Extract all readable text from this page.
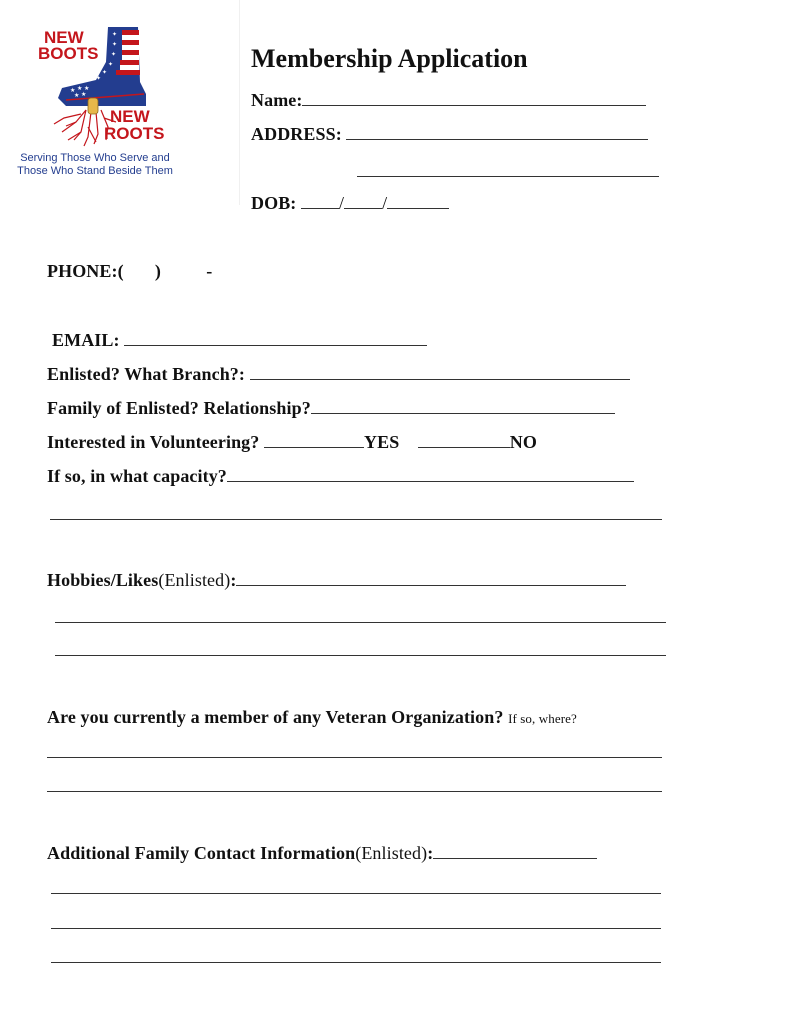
✦
✦
✦
✦
✦
✦
★ ★ ★
★ ★
NEW
BOOTS
NEW
ROOTS
Serving Those Who Serve and
Those Who Stand Beside Them
Membership Application
Name:
ADDRESS:
DOB: / /
PHONE:( )	-
EMAIL:
Enlisted? What Branch?:
Family of Enlisted? Relationship?
Interested in Volunteering?	YES	NO
If so, in what capacity?
Hobbies/Likes(Enlisted):
Are you currently a member of any Veteran Organization? If so, where?
Additional Family Contact Information(Enlisted):
